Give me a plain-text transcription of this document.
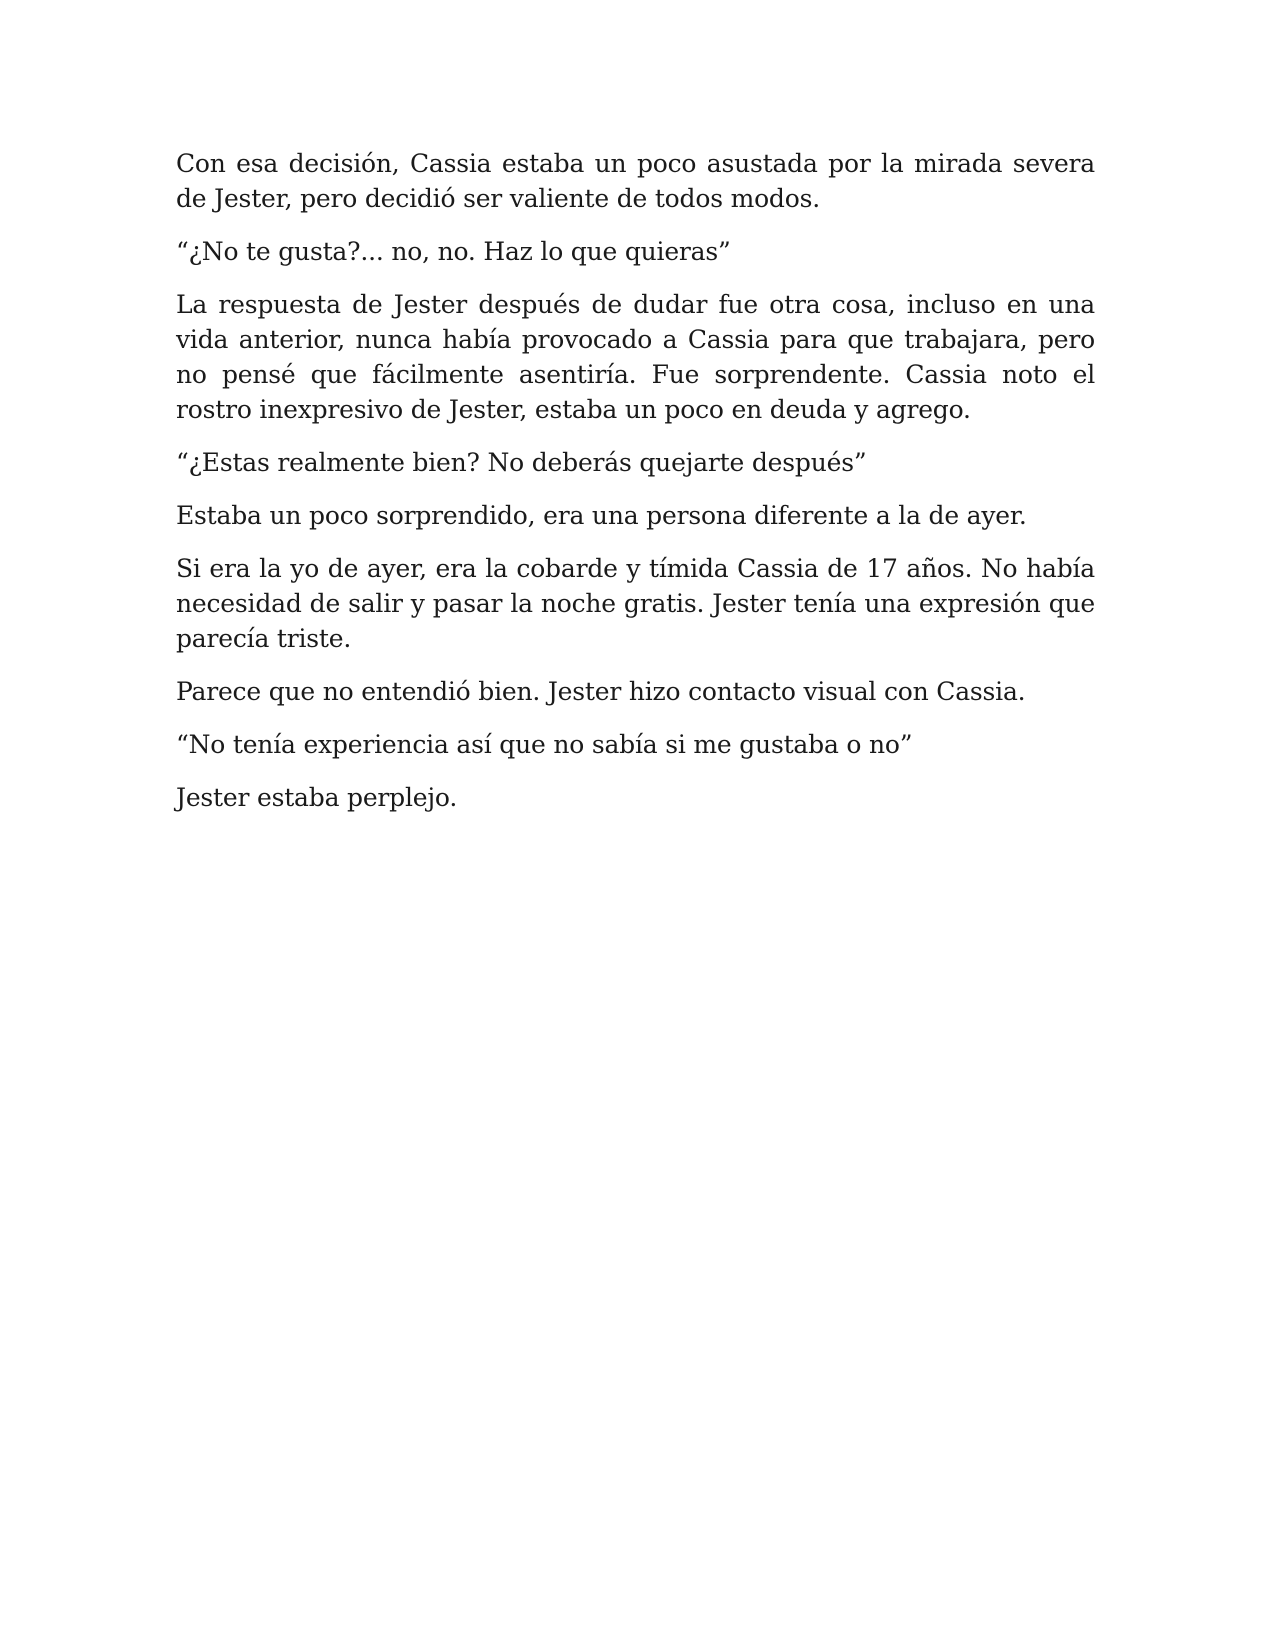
Con esa decisión, Cassia estaba un poco asustada por la mirada severa de Jester, pero decidió ser valiente de todos modos.

“¿No te gusta?... no, no. Haz lo que quieras”

La respuesta de Jester después de dudar fue otra cosa, incluso en una vida anterior, nunca había provocado a Cassia para que trabajara, pero no pensé que fácilmente asentiría. Fue sorprendente. Cassia noto el rostro inexpresivo de Jester, estaba un poco en deuda y agrego.

“¿Estas realmente bien? No deberás quejarte después”

Estaba un poco sorprendido, era una persona diferente a la de ayer.

Si era la yo de ayer, era la cobarde y tímida Cassia de 17 años. No había necesidad de salir y pasar la noche gratis. Jester tenía una expresión que parecía triste.

Parece que no entendió bien. Jester hizo contacto visual con Cassia.

“No tenía experiencia así que no sabía si me gustaba o no”

Jester estaba perplejo.
